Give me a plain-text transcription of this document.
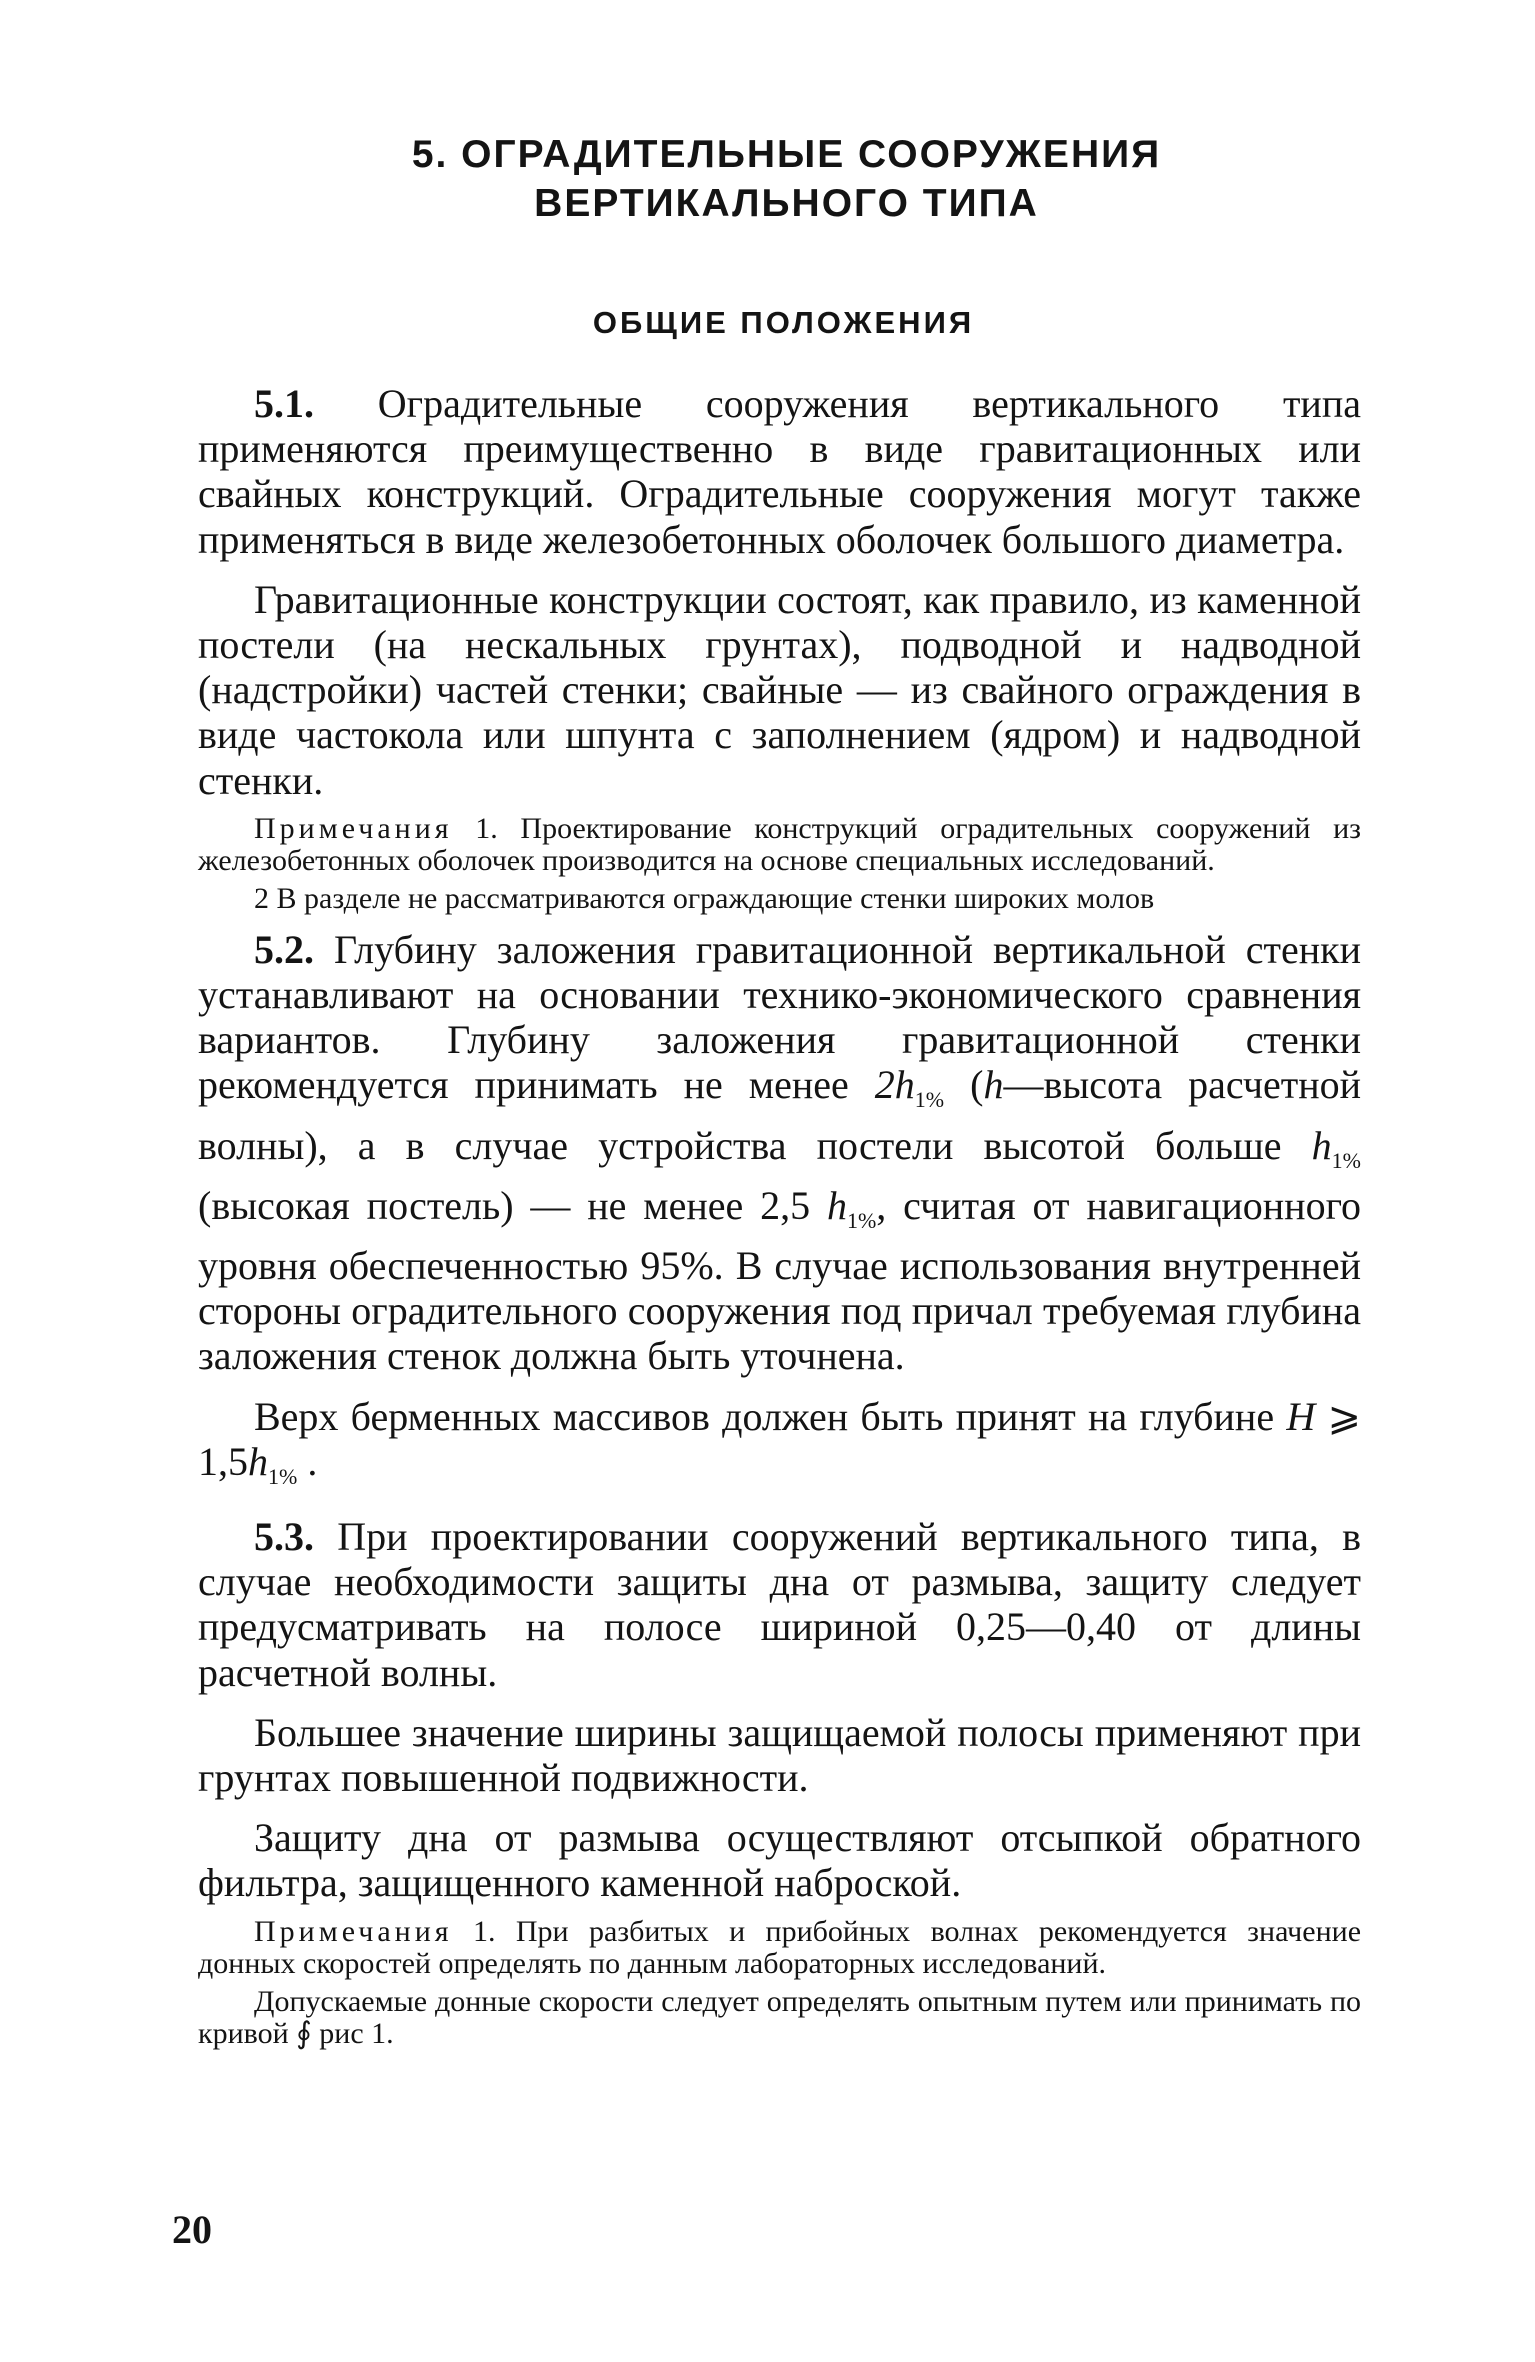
5. ОГРАДИТЕЛЬНЫЕ СООРУЖЕНИЯ
ВЕРТИКАЛЬНОГО ТИПА
ОБЩИЕ ПОЛОЖЕНИЯ

5.1. Оградительные сооружения вертикального типа применяются преимущественно в виде гравитационных или свайных конструкций. Оградительные сооружения могут также применяться в виде железобетонных оболочек большого диаметра.

Гравитационные конструкции состоят, как правило, из каменной постели (на нескальных грунтах), подводной и надводной (надстройки) частей стенки; свайные — из свайного ограждения в виде частокола или шпунта с заполнением (ядром) и надводной стенки.

Примечания 1. Проектирование конструкций оградительных сооружений из железобетонных оболочек производится на основе специальных исследований.

2 В разделе не рассматриваются ограждающие стенки широких молов

5.2. Глубину заложения гравитационной вертикальной стенки устанавливают на основании технико-экономического сравнения вариантов. Глубину заложения гравитационной стенки рекомендуется принимать не менее $2h_{1\%}$ (h—высота расчетной волны), а в случае устройства постели высотой больше $h_{1\%}$ (высокая постель) — не менее 2,5 $h_{1\%}$, считая от навигационного уровня обеспеченностью 95%. В случае использования внутренней стороны оградительного сооружения под причал требуемая глубина заложения стенок должна быть уточнена.

Верх берменных массивов должен быть принят на глубине H ⩾ $1,5h_{1\%}$ .

5.3. При проектировании сооружений вертикального типа, в случае необходимости защиты дна от размыва, защиту следует предусматривать на полосе шириной 0,25—0,40 от длины расчетной волны.

Большее значение ширины защищаемой полосы применяют при грунтах повышенной подвижности.

Защиту дна от размыва осуществляют отсыпкой обратного фильтра, защищенного каменной наброской.

Примечания 1. При разбитых и прибойных волнах рекомендуется значение донных скоростей определять по данным лабораторных исследований.

Допускаемые донные скорости следует определять опытным путем или принимать по кривой ∮ рис 1.

20
